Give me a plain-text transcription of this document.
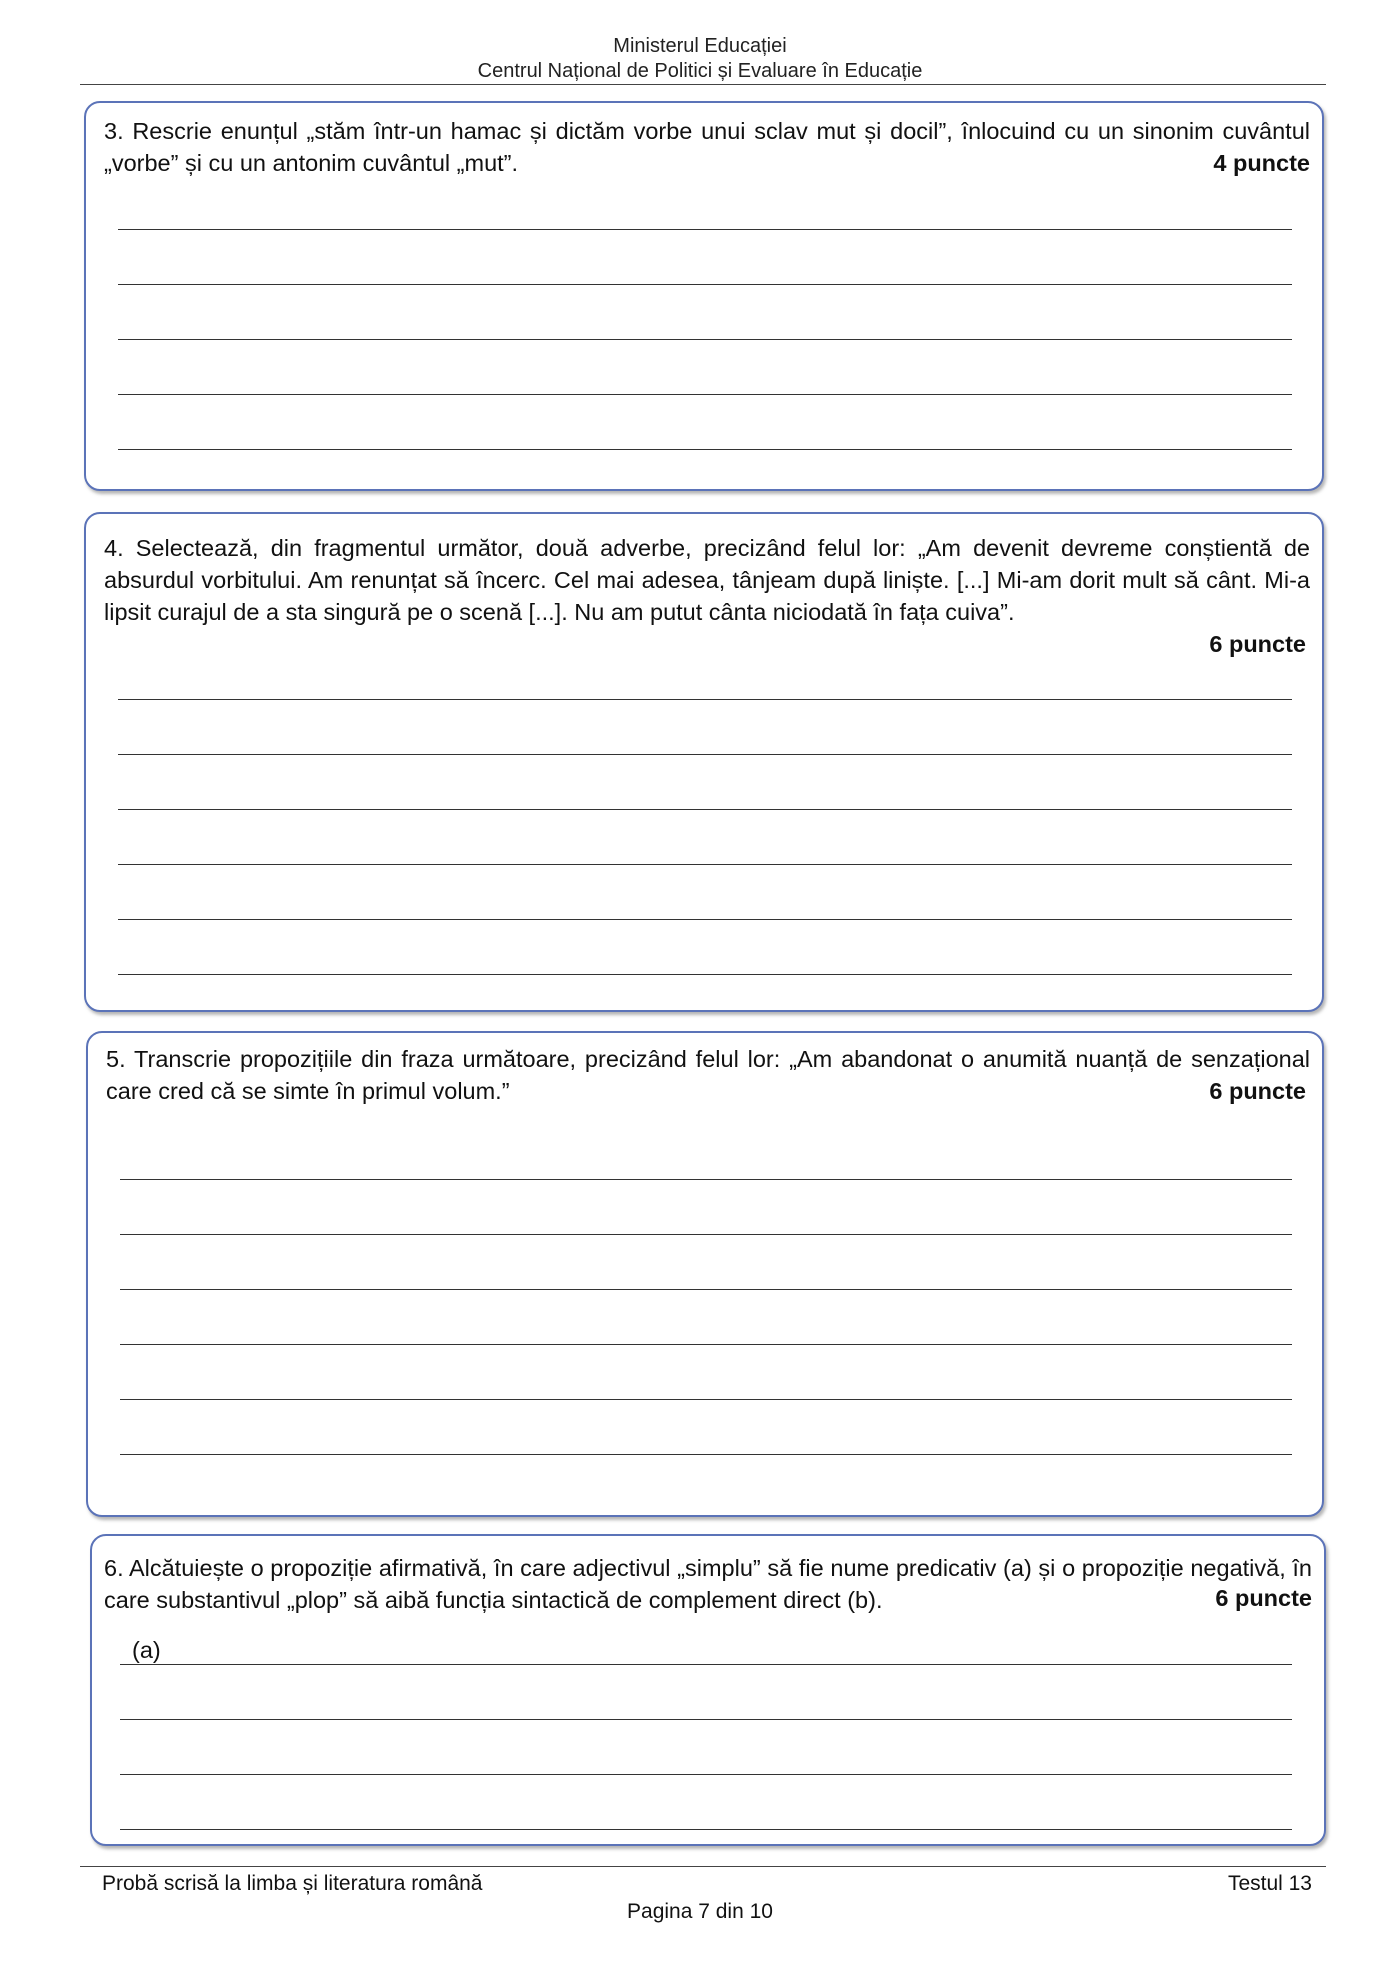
Ministerul Educației
Centrul Național de Politici și Evaluare în Educație
3. Rescrie enunțul „stăm într-un hamac și dictăm vorbe unui sclav mut și docil”, înlocuind cu un sinonim cuvântul „vorbe” și cu un antonim cuvântul „mut”.	4 puncte
4. Selectează, din fragmentul următor, două adverbe, precizând felul lor: „Am devenit devreme conștientă de absurdul vorbitului. Am renunțat să încerc. Cel mai adesea, tânjeam după liniște. [...] Mi-am dorit mult să cânt. Mi-a lipsit curajul de a sta singură pe o scenă [...]. Nu am putut cânta niciodată în fața cuiva”.
6 puncte
5. Transcrie propozițiile din fraza următoare, precizând felul lor: „Am abandonat o anumită nuanță de senzațional care cred că se simte în primul volum.”	6 puncte
6. Alcătuiește o propoziție afirmativă, în care adjectivul „simplu” să fie nume predicativ (a) și o propoziție negativă, în care substantivul „plop” să aibă funcția sintactică de complement direct (b).	6 puncte
(a)
Probă scrisă la limba și literatura română	Testul 13
Pagina 7 din 10
